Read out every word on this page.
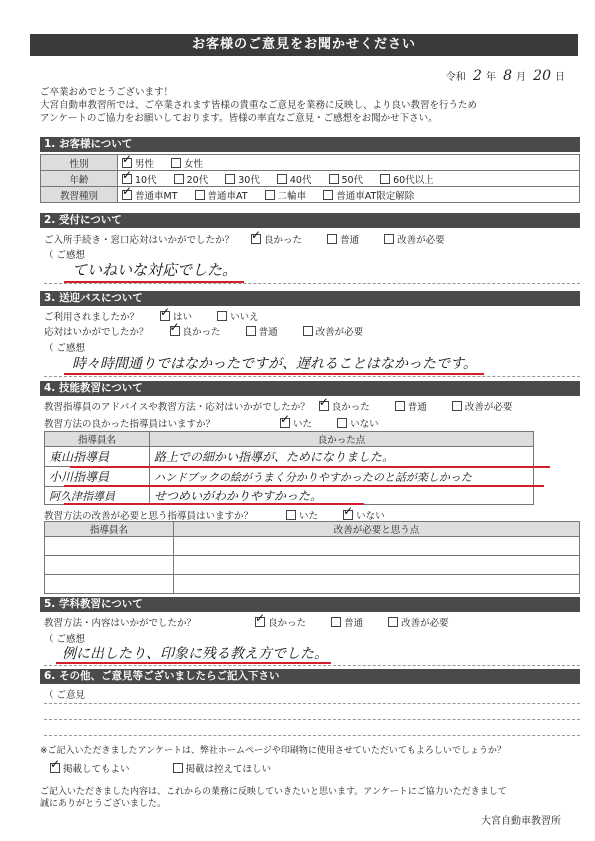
お客様のご意見をお聞かせください
令和 2 年 8 月 20 日
ご卒業おめでとうございます！
大宮自動車教習所では、ご卒業されます皆様の貴重なご意見を業務に反映し、より良い教習を行うため
アンケートのご協力をお願いしております。皆様の率直なご意見・ご感想をお聞かせ下さい。
1. お客様について
性別	✓男性 女性
年齢	✓10代 20代 30代 40代 50代 60代以上
教習種別	✓普通車MT 普通車AT 二輪車 普通車AT限定解除
2. 受付について
ご入所手続き・窓口応対はいかがでしたか？ ✓	良かった	普通	改善が必要
（ ご感想
ていねいな対応でした。
3. 送迎バスについて
ご利用されましたか？ ✓	はい	いいえ
応対はいかがでしたか？ ✓	良かった	普通	改善が必要
（ ご感想
時々時間通りではなかったですが、遅れることはなかったです。
4. 技能教習について
教習指導員のアドバイスや教習方法・応対はいかがでしたか？ ✓ 良かった	普通	改善が必要
教習方法の良かった指導員はいますか？ ✓	いた	いない
指導員名	良かった点
東山指導員	路上での細かい指導が、ためになりました。
小川指導員	ハンドブックの絵がうまく分かりやすかったのと話が楽しかった
阿久津指導員	せつめいがわかりやすかった。
教習方法の改善が必要と思う指導員はいますか？	いた ✓	いない
指導員名	改善が必要と思う点

5. 学科教習について
教習方法・内容はいかがでしたか？ ✓	良かった	普通	改善が必要
（ ご感想
例に出したり、印象に残る教え方でした。
6. その他、ご意見等ございましたらご記入下さい
（ ご意見
※ご記入いただきましたアンケートは、弊社ホームページや印刷物に使用させていただいてもよろしいでしょうか？
✓掲載してもよい	掲載は控えてほしい
ご記入いただきました内容は、これからの業務に反映していきたいと思います。アンケートにご協力いただきまして
誠にありがとうございました。
大宮自動車教習所
